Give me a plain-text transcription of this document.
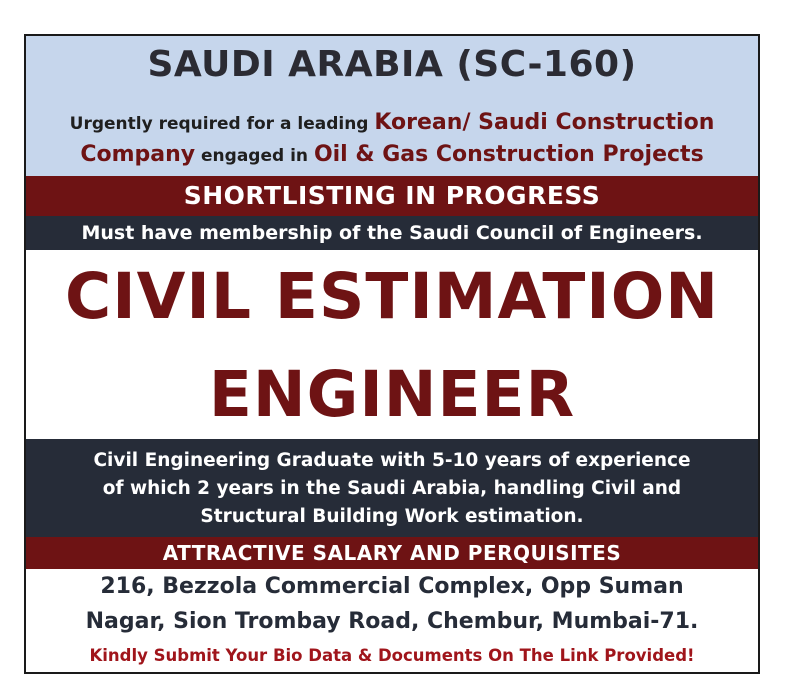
SAUDI ARABIA (SC-160)
Urgently required for a leading Korean/ Saudi Construction
Company engaged in Oil & Gas Construction Projects
SHORTLISTING IN PROGRESS
Must have membership of the Saudi Council of Engineers.
CIVIL ESTIMATION
ENGINEER
Civil Engineering Graduate with 5-10 years of experience
of which 2 years in the Saudi Arabia, handling Civil and
Structural Building Work estimation.
ATTRACTIVE SALARY AND PERQUISITES
216, Bezzola Commercial Complex, Opp Suman
Nagar, Sion Trombay Road, Chembur, Mumbai-71.
Kindly Submit Your Bio Data & Documents On The Link Provided!
